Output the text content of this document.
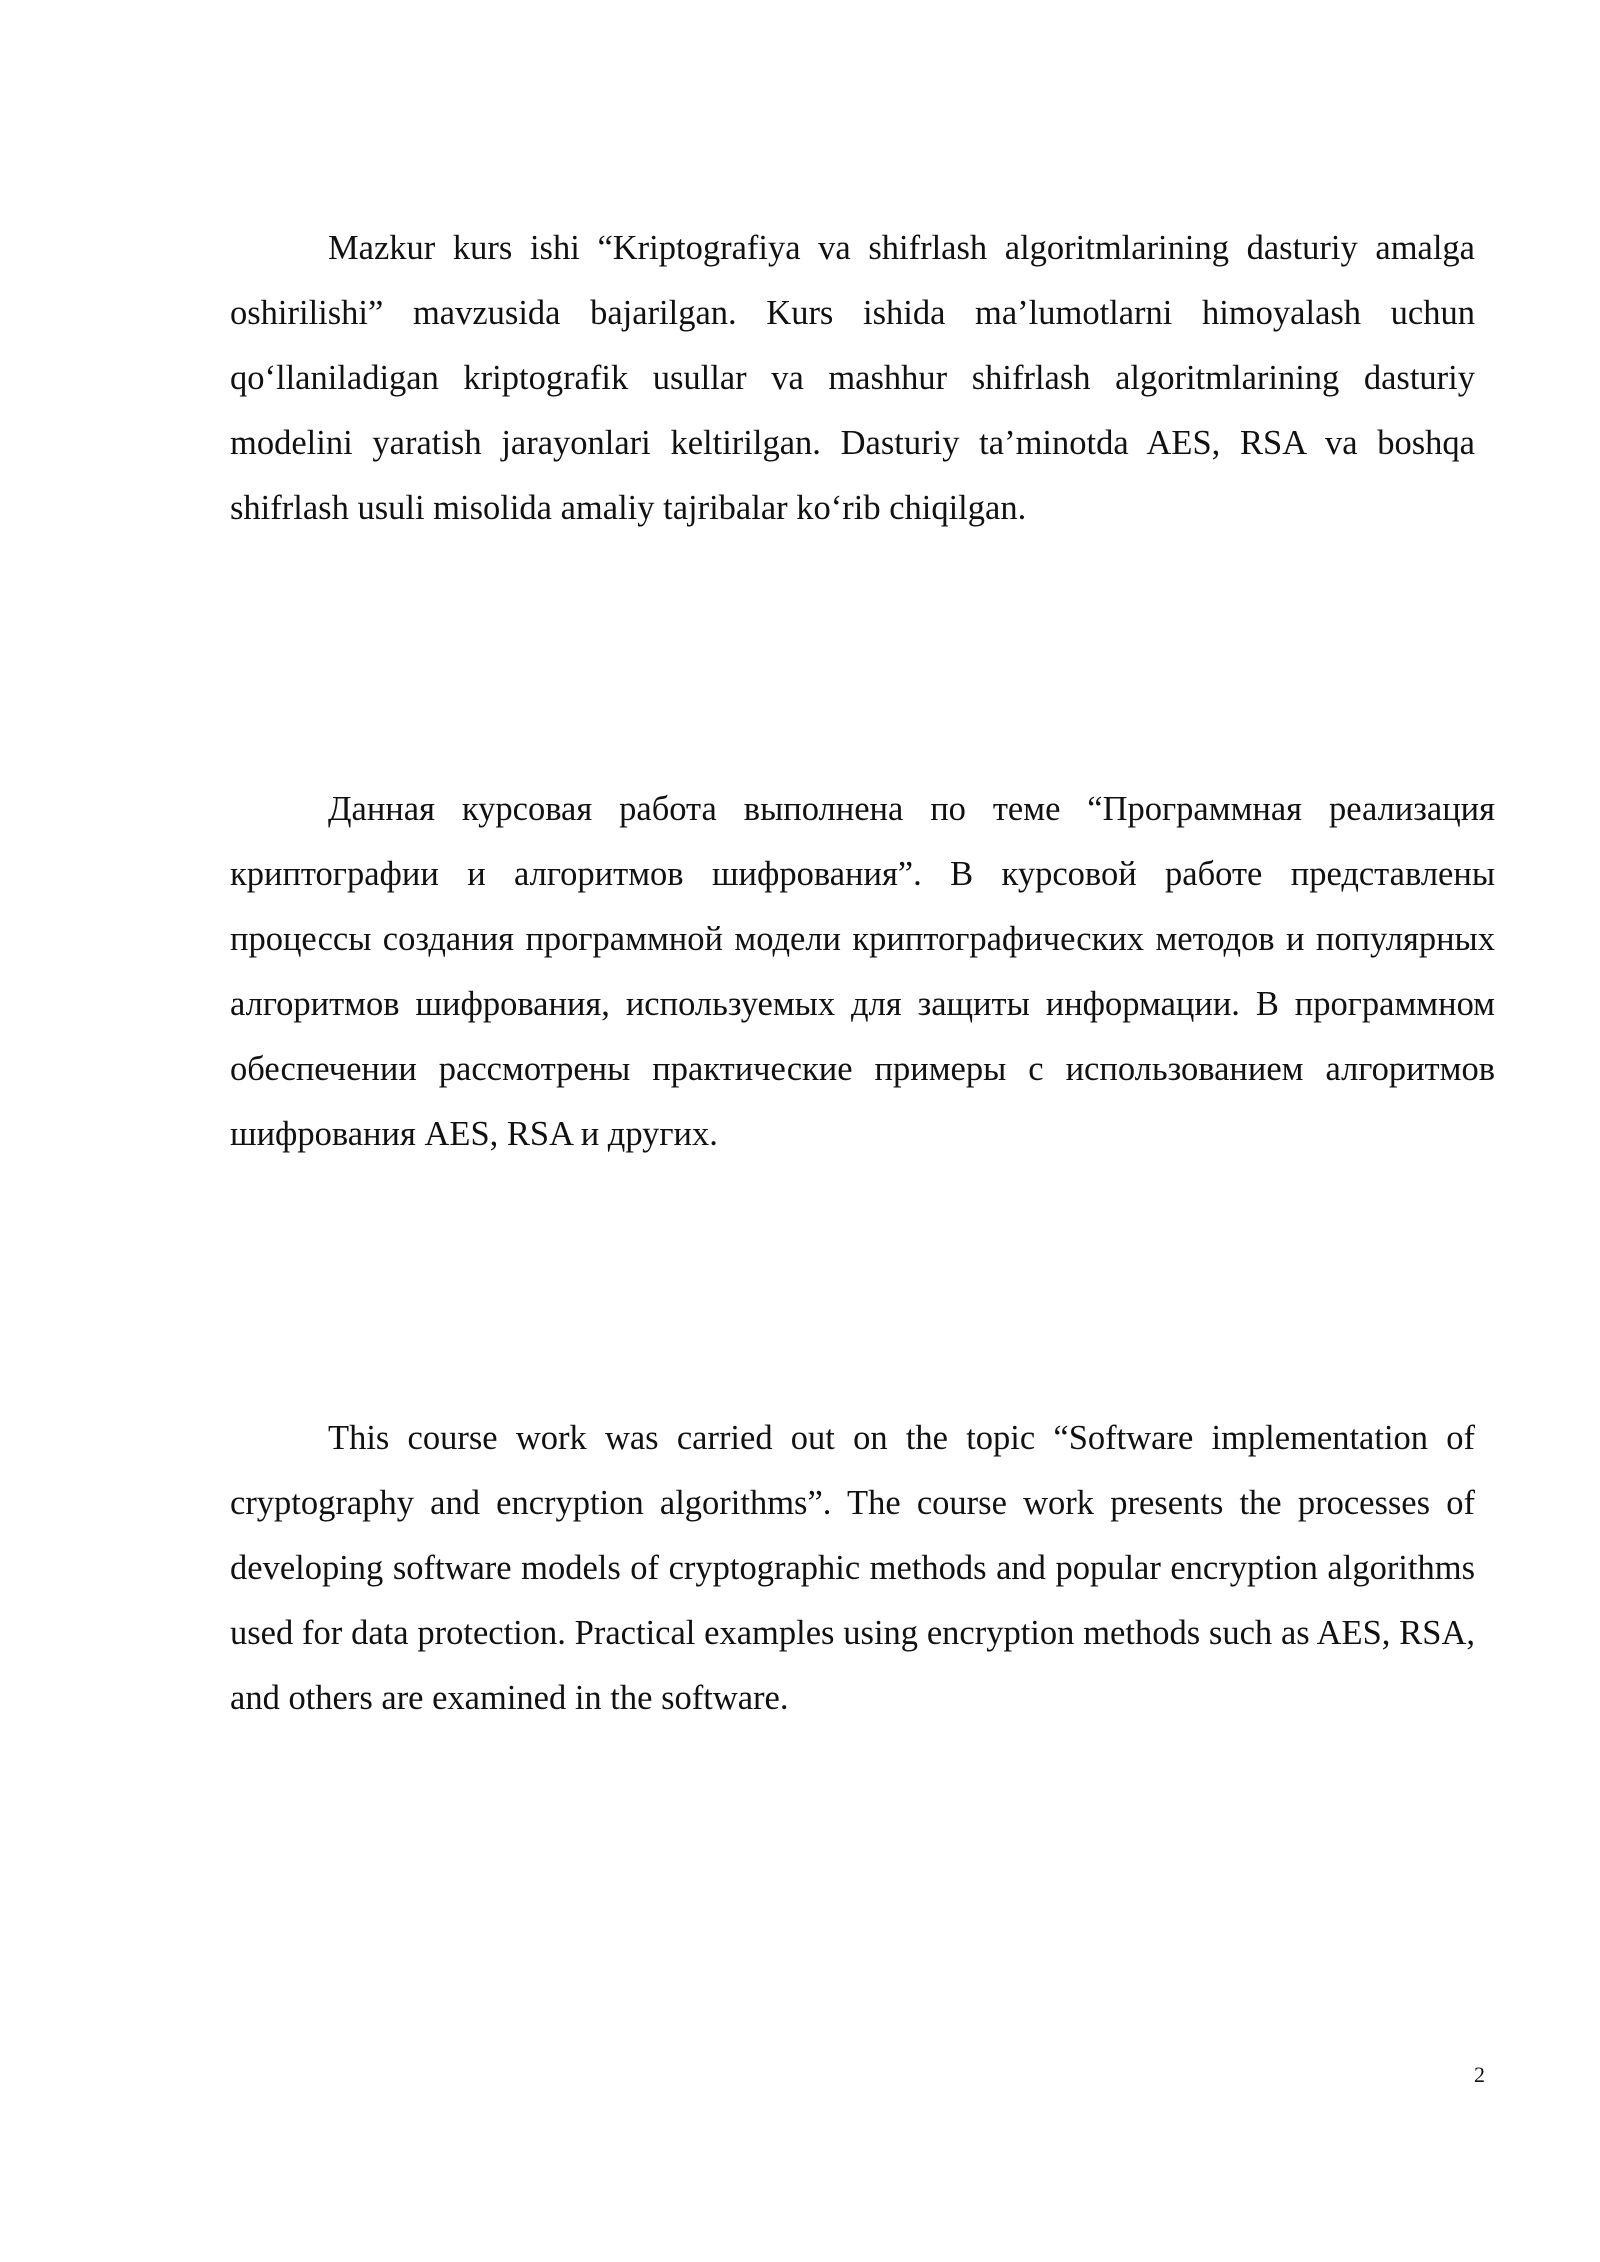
Mazkur kurs ishi “Kriptografiya va shifrlash algoritmlarining dasturiy amalga oshirilishi” mavzusida bajarilgan. Kurs ishida ma’lumotlarni himoyalash uchun qo‘llaniladigan kriptografik usullar va mashhur shifrlash algoritmlarining dasturiy modelini yaratish jarayonlari keltirilgan. Dasturiy ta’minotda AES, RSA va boshqa shifrlash usuli misolida amaliy tajribalar ko‘rib chiqilgan.

Данная курсовая работа выполнена по теме “Программная реализация криптографии и алгоритмов шифрования”. В курсовой работе представлены процессы создания программной модели криптографических методов и популярных алгоритмов шифрования, используемых для защиты информации. В программном обеспечении рассмотрены практические примеры с использованием алгоритмов шифрования AES, RSA и других.

This course work was carried out on the topic “Software implementation of cryptography and encryption algorithms”. The course work presents the processes of developing software models of cryptographic methods and popular encryption algorithms used for data protection. Practical examples using encryption methods such as AES, RSA, and others are examined in the software.

2
